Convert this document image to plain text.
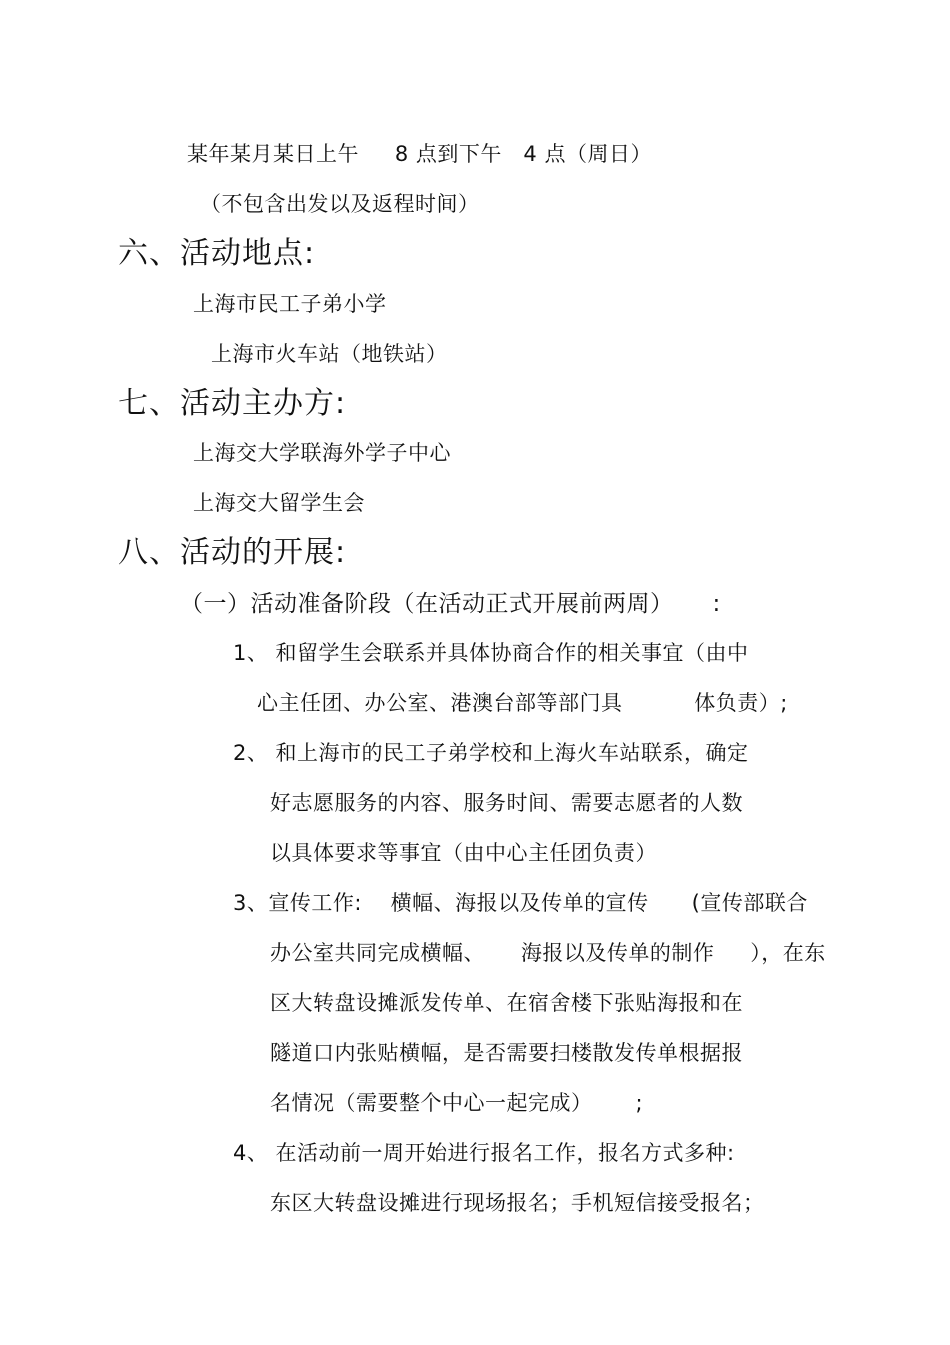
某年某月某日上午     8 点到下午   4 点（周日）
（不包含出发以及返程时间）
六、活动地点:
上海市民工子弟小学
上海市火车站（地铁站）
七、活动主办方:
上海交大学联海外学子中心
上海交大留学生会
八、活动的开展:
（一）活动准备阶段（在活动正式开展前两周）     :
1、 和留学生会联系并具体协商合作的相关事宜（由中
心主任团、办公室、港澳台部等部门具          体负责）;
2、 和上海市的民工子弟学校和上海火车站联系，确定
好志愿服务的内容、服务时间、需要志愿者的人数
以具体要求等事宜（由中心主任团负责）
3、宣传工作:    横幅、海报以及传单的宣传      (宣传部联合
办公室共同完成横幅、     海报以及传单的制作     ），在东
区大转盘设摊派发传单、在宿舍楼下张贴海报和在
隧道口内张贴横幅，是否需要扫楼散发传单根据报
名情况（需要整个中心一起完成）      ;
4、 在活动前一周开始进行报名工作，报名方式多种:
东区大转盘设摊进行现场报名；手机短信接受报名；
